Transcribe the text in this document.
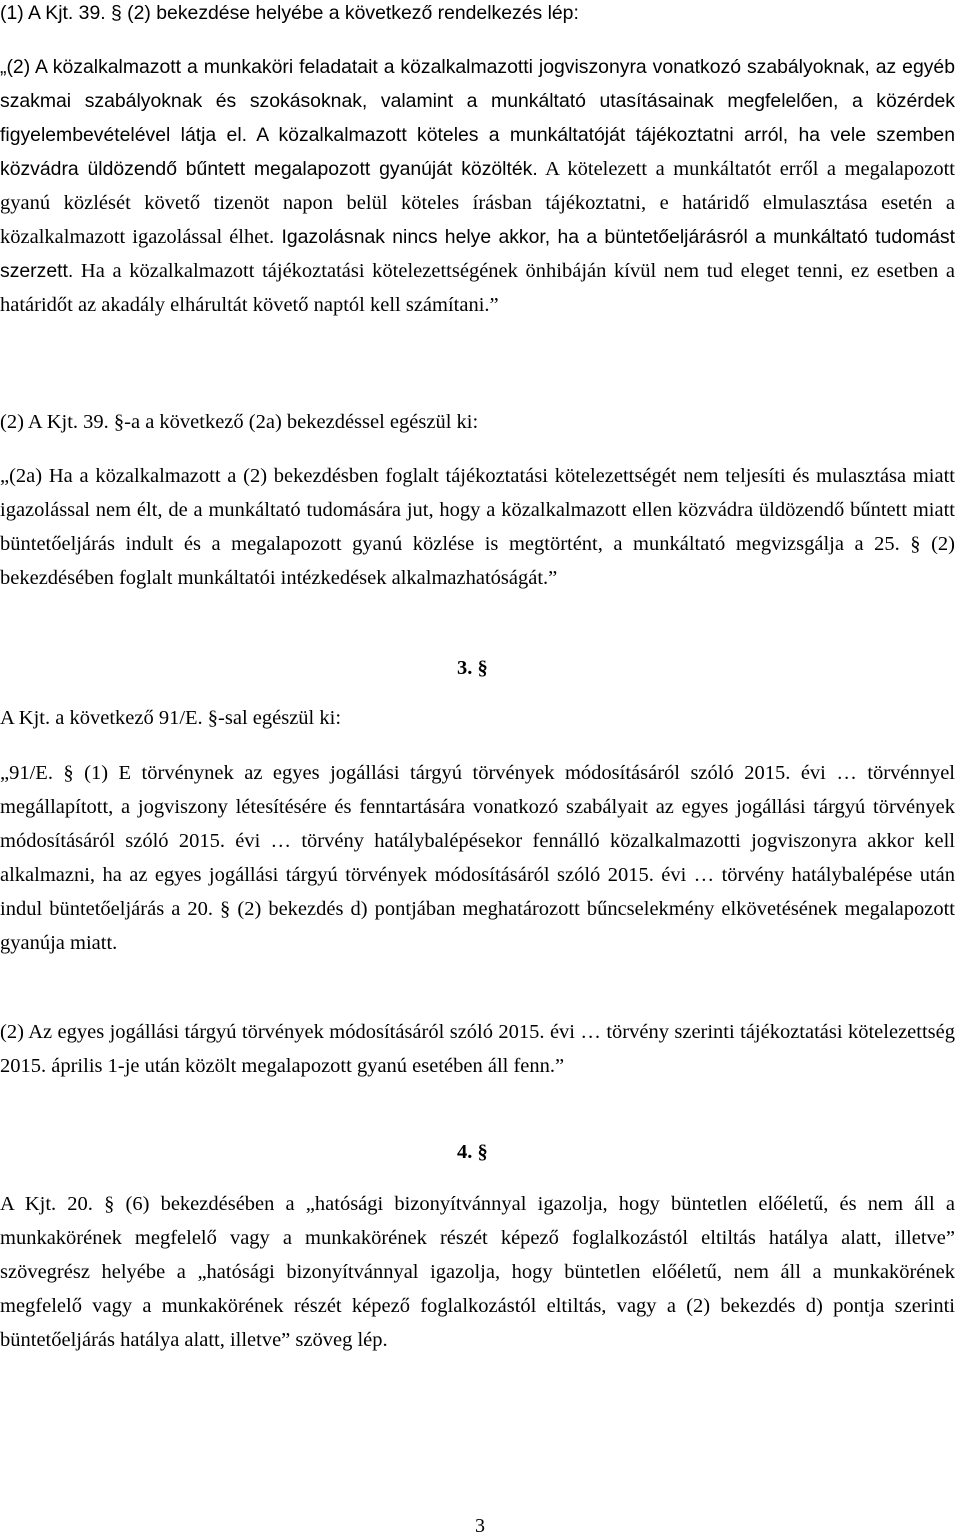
(1) A Kjt. 39. § (2) bekezdése helyébe a következő rendelkezés lép:

„(2) A közalkalmazott a munkaköri feladatait a közalkalmazotti jogviszonyra vonatkozó szabályoknak, az egyéb szakmai szabályoknak és szokásoknak, valamint a munkáltató utasításainak megfelelően, a közérdek figyelembevételével látja el. A közalkalmazott köteles a munkáltatóját tájékoztatni arról, ha vele szemben közvádra üldözendő bűntett megalapozott gyanúját közölték. A kötelezett a munkáltatót erről a megalapozott gyanú közlését követő tizenöt napon belül köteles írásban tájékoztatni, e határidő elmulasztása esetén a közalkalmazott igazolással élhet. Igazolásnak nincs helye akkor, ha a büntetőeljárásról a munkáltató tudomást szerzett. Ha a közalkalmazott tájékoztatási kötelezettségének önhibáján kívül nem tud eleget tenni, ez esetben a határidőt az akadály elhárultát követő naptól kell számítani.”

(2) A Kjt. 39. §-a a következő (2a) bekezdéssel egészül ki:

„(2a) Ha a közalkalmazott a (2) bekezdésben foglalt tájékoztatási kötelezettségét nem teljesíti és mulasztása miatt igazolással nem élt, de a munkáltató tudomására jut, hogy a közalkalmazott ellen közvádra üldözendő bűntett miatt büntetőeljárás indult és a megalapozott gyanú közlése is megtörtént, a munkáltató megvizsgálja a 25. § (2) bekezdésében foglalt munkáltatói intézkedések alkalmazhatóságát.”

3. §

A Kjt. a következő 91/E. §-sal egészül ki:

„91/E. § (1) E törvénynek az egyes jogállási tárgyú törvények módosításáról szóló 2015. évi … törvénnyel megállapított, a jogviszony létesítésére és fenntartására vonatkozó szabályait az egyes jogállási tárgyú törvények módosításáról szóló 2015. évi … törvény hatálybalépésekor fennálló közalkalmazotti jogviszonyra akkor kell alkalmazni, ha az egyes jogállási tárgyú törvények módosításáról szóló 2015. évi … törvény hatálybalépése után indul büntetőeljárás a 20. § (2) bekezdés d) pontjában meghatározott bűncselekmény elkövetésének megalapozott gyanúja miatt.

(2) Az egyes jogállási tárgyú törvények módosításáról szóló 2015. évi … törvény szerinti tájékoztatási kötelezettség 2015. április 1-je után közölt megalapozott gyanú esetében áll fenn.”

4. §

A Kjt. 20. § (6) bekezdésében a „hatósági bizonyítvánnyal igazolja, hogy büntetlen előéletű, és nem áll a munkakörének megfelelő vagy a munkakörének részét képező foglalkozástól eltiltás hatálya alatt, illetve” szövegrész helyébe a „hatósági bizonyítvánnyal igazolja, hogy büntetlen előéletű, nem áll a munkakörének megfelelő vagy a munkakörének részét képező foglalkozástól eltiltás, vagy a (2) bekezdés d) pontja szerinti büntetőeljárás hatálya alatt, illetve” szöveg lép.

3
